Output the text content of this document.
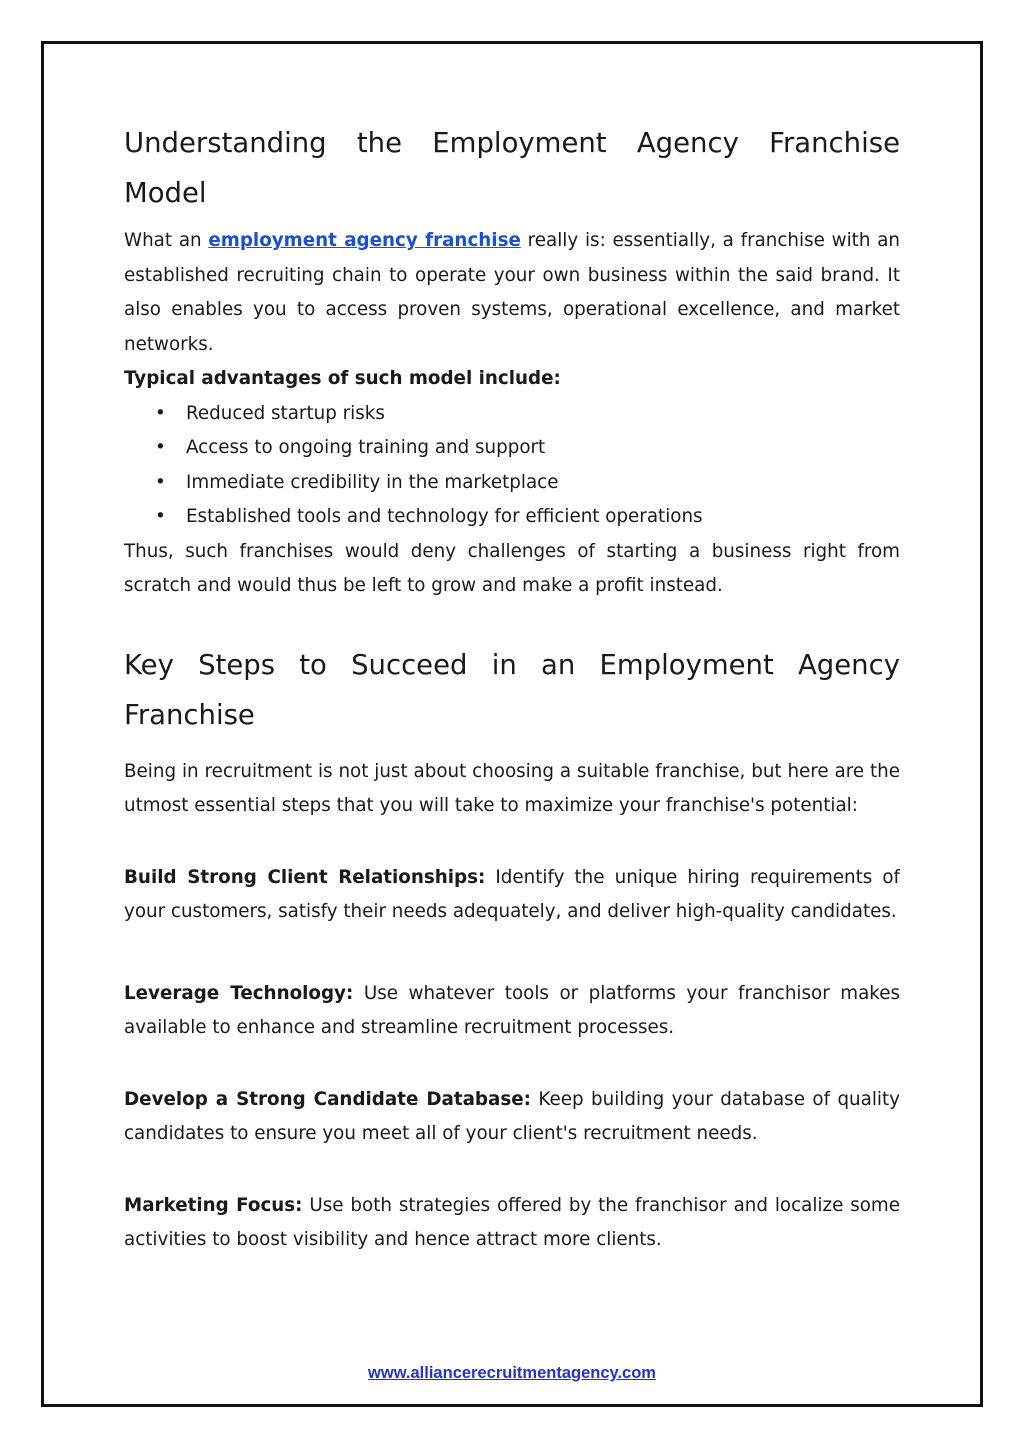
Understanding the Employment Agency Franchise Model

What an employment agency franchise really is: essentially, a franchise with an established recruiting chain to operate your own business within the said brand. It also enables you to access proven systems, operational excellence, and market networks.

Typical advantages of such model include:

• Reduced startup risks
• Access to ongoing training and support
• Immediate credibility in the marketplace
• Established tools and technology for efficient operations

Thus, such franchises would deny challenges of starting a business right from scratch and would thus be left to grow and make a profit instead.

Key Steps to Succeed in an Employment Agency Franchise

Being in recruitment is not just about choosing a suitable franchise, but here are the utmost essential steps that you will take to maximize your franchise's potential:

Build Strong Client Relationships: Identify the unique hiring requirements of your customers, satisfy their needs adequately, and deliver high-quality candidates.

Leverage Technology: Use whatever tools or platforms your franchisor makes available to enhance and streamline recruitment processes.

Develop a Strong Candidate Database: Keep building your database of quality candidates to ensure you meet all of your client's recruitment needs.

Marketing Focus: Use both strategies offered by the franchisor and localize some activities to boost visibility and hence attract more clients.

www.alliancerecruitmentagency.com
